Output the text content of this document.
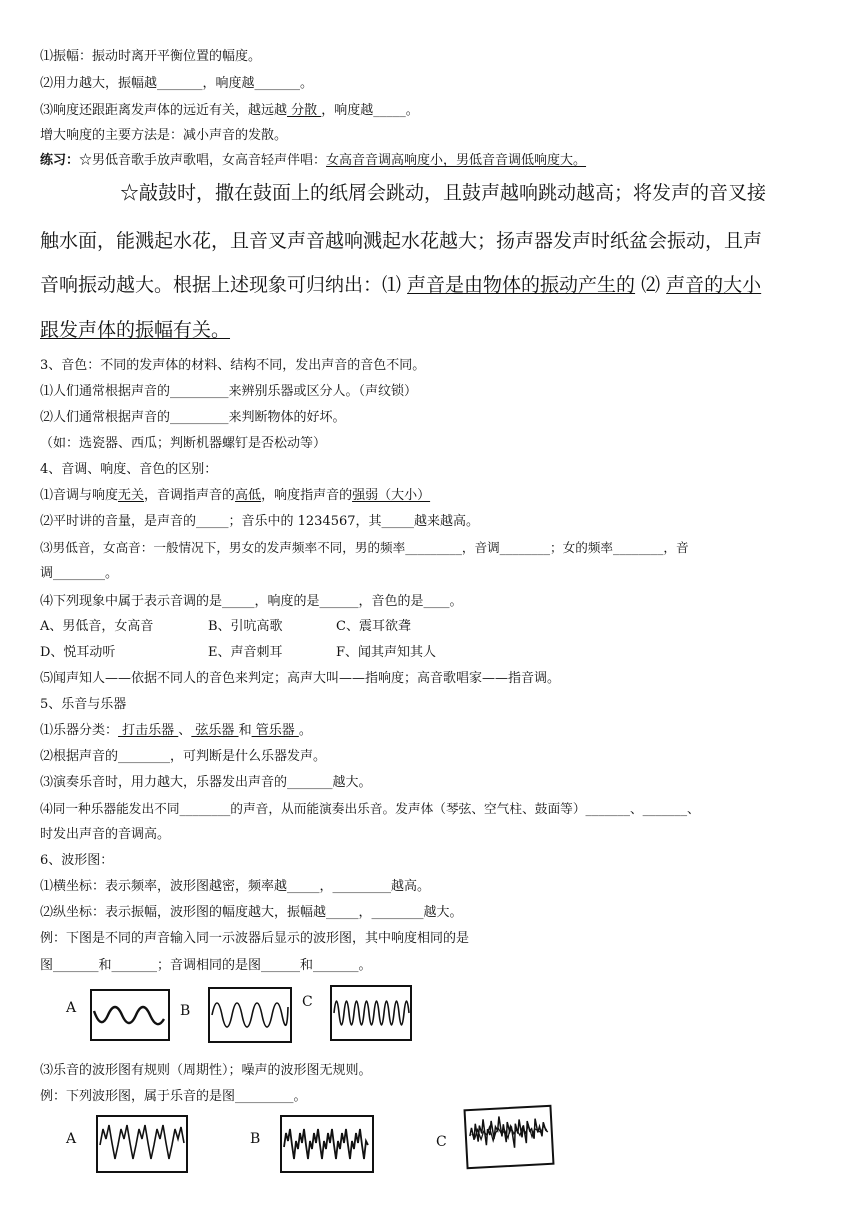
⑴振幅：振动时离开平衡位置的幅度。
⑵用力越大，振幅越_______，响度越_______。
⑶响度还跟距离发声体的远近有关，越远越 分散 ，响度越_____。
增大响度的主要方法是：减小声音的发散。
练习：☆男低音歌手放声歌唱，女高音轻声伴唱：女高音音调高响度小，男低音音调低响度大。
☆敲鼓时，撒在鼓面上的纸屑会跳动，且鼓声越响跳动越高；将发声的音叉接
触水面，能溅起水花，且音叉声音越响溅起水花越大；扬声器发声时纸盆会振动，且声
音响振动越大。根据上述现象可归纳出：⑴ 声音是由物体的振动产生的 ⑵ 声音的大小
跟发声体的振幅有关。
3、音色：不同的发声体的材料、结构不同，发出声音的音色不同。
⑴人们通常根据声音的_________来辨别乐器或区分人。（声纹锁）
⑵人们通常根据声音的_________来判断物体的好坏。
（如：选瓷器、西瓜；判断机器螺钉是否松动等）
4、音调、响度、音色的区别：
⑴音调与响度无关，音调指声音的高低，响度指声音的强弱（大小）
⑵平时讲的音量，是声音的_____；音乐中的 1234567，其_____越来越高。
⑶男低音，女高音：一般情况下，男女的发声频率不同，男的频率_________，音调________；女的频率________，音
调________。
⑷下列现象中属于表示音调的是_____，响度的是______，音色的是____。
A、男低音，女高音	B、引吭高歌	C、震耳欲聋
D、悦耳动听	E、声音刺耳	F、闻其声知其人
⑸闻声知人——依据不同人的音色来判定；高声大叫——指响度；高音歌唱家——指音调。
5、乐音与乐器
⑴乐器分类： 打击乐器 、 弦乐器 和 管乐器 。
⑵根据声音的________，可判断是什么乐器发声。
⑶演奏乐音时，用力越大，乐器发出声音的_______越大。
⑷同一种乐器能发出不同________的声音，从而能演奏出乐音。发声体（琴弦、空气柱、鼓面等）_______、_______、
时发出声音的音调高。
6、波形图：
⑴横坐标：表示频率，波形图越密，频率越_____，_________越高。
⑵纵坐标：表示振幅，波形图的幅度越大，振幅越_____，________越大。
例：下图是不同的声音输入同一示波器后显示的波形图，其中响度相同的是
图_______和_______；音调相同的是图______和_______。
A	B
C
⑶乐音的波形图有规则（周期性）；噪声的波形图无规则。
例：下列波形图，属于乐音的是图_________。
A	B	C
